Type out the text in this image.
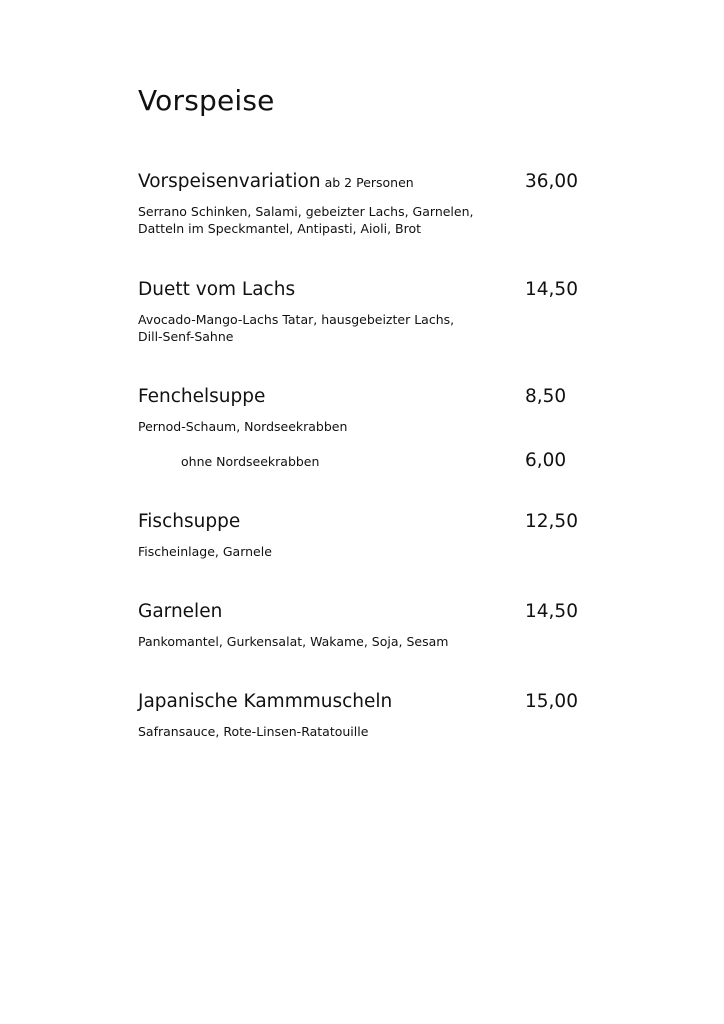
Vorspeise
Vorspeisenvariation ab 2 Personen	36,00
Serrano Schinken, Salami, gebeizter Lachs, Garnelen,
Datteln im Speckmantel, Antipasti, Aioli, Brot
Duett vom Lachs	14,50
Avocado-Mango-Lachs Tatar, hausgebeizter Lachs,
Dill-Senf-Sahne
Fenchelsuppe	8,50
Pernod-Schaum, Nordseekrabben
ohne Nordseekrabben	6,00
Fischsuppe	12,50
Fischeinlage, Garnele
Garnelen	14,50
Pankomantel, Gurkensalat, Wakame, Soja, Sesam
Japanische Kammmuscheln	15,00
Safransauce, Rote-Linsen-Ratatouille
